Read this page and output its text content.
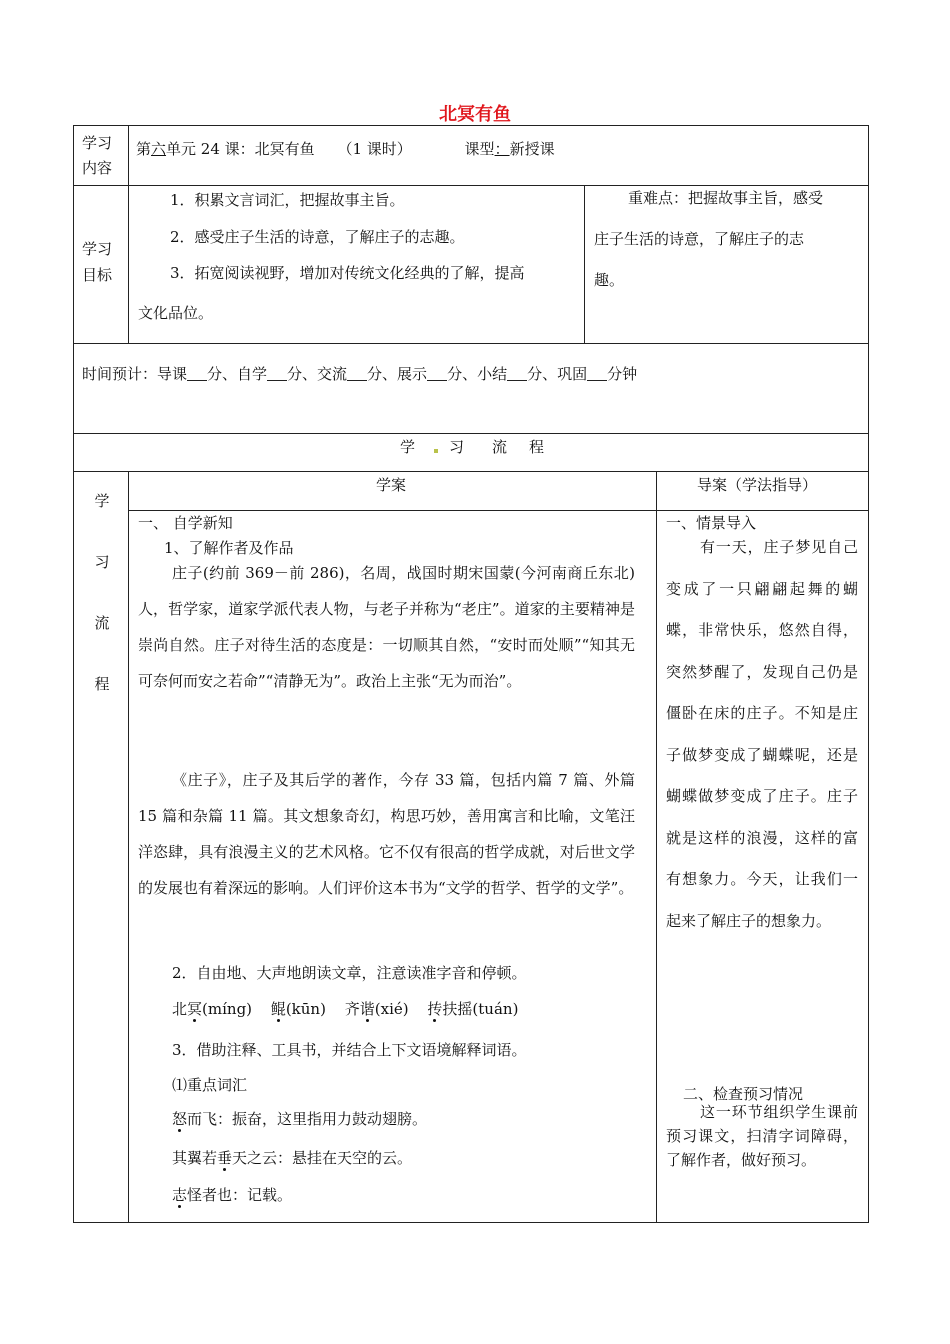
北冥有鱼
学习
内容
第六单元 24 课：北冥有鱼 （1 课时）	课型：新授课
学习
目标
1．积累文言词汇，把握故事主旨。
2．感受庄子生活的诗意，了解庄子的志趣。
3．拓宽阅读视野，增加对传统文化经典的了解，提高
文化品位。
重难点：把握故事主旨，感受
庄子生活的诗意，了解庄子的志
趣。
时间预计：导课 分、自学 分、交流 分、展示 分、小结 分、巩固 分钟
学 习 流 程
学
习
流
程
学案	导案（学法指导）
一、 自学新知
1、了解作者及作品
庄子(约前 369－前 286)，名周，战国时期宋国蒙(今河南商丘东北)人，哲学家，道家学派代表人物，与老子并称为“老庄”。道家的主要精神是崇尚自然。庄子对待生活的态度是：一切顺其自然，“安时而处顺”“知其无可奈何而安之若命”“清静无为”。政治上主张“无为而治”。
《庄子》，庄子及其后学的著作，今存 33 篇，包括内篇 7 篇、外篇 15 篇和杂篇 11 篇。其文想象奇幻，构思巧妙，善用寓言和比喻，文笔汪洋恣肆，具有浪漫主义的艺术风格。它不仅有很高的哲学成就，对后世文学的发展也有着深远的影响。人们评价这本书为“文学的哲学、哲学的文学”。
2．自由地、大声地朗读文章，注意读准字音和停顿。
北冥(míng) 鲲(kūn) 齐谐(xié) 抟扶摇(tuán)
3．借助注释、工具书，并结合上下文语境解释词语。
⑴重点词汇
怒而飞：振奋，这里指用力鼓动翅膀。
其翼若垂天之云：悬挂在天空的云。
志怪者也：记载。
一、情景导入
有一天，庄子梦见自己变成了一只翩翩起舞的蝴蝶，非常快乐，悠然自得，突然梦醒了，发现自己仍是僵卧在床的庄子。不知是庄子做梦变成了蝴蝶呢，还是蝴蝶做梦变成了庄子。庄子就是这样的浪漫，这样的富有想象力。今天，让我们一起来了解庄子的想象力。
二、检查预习情况
这一环节组织学生课前预习课文，扫清字词障碍，了解作者，做好预习。
